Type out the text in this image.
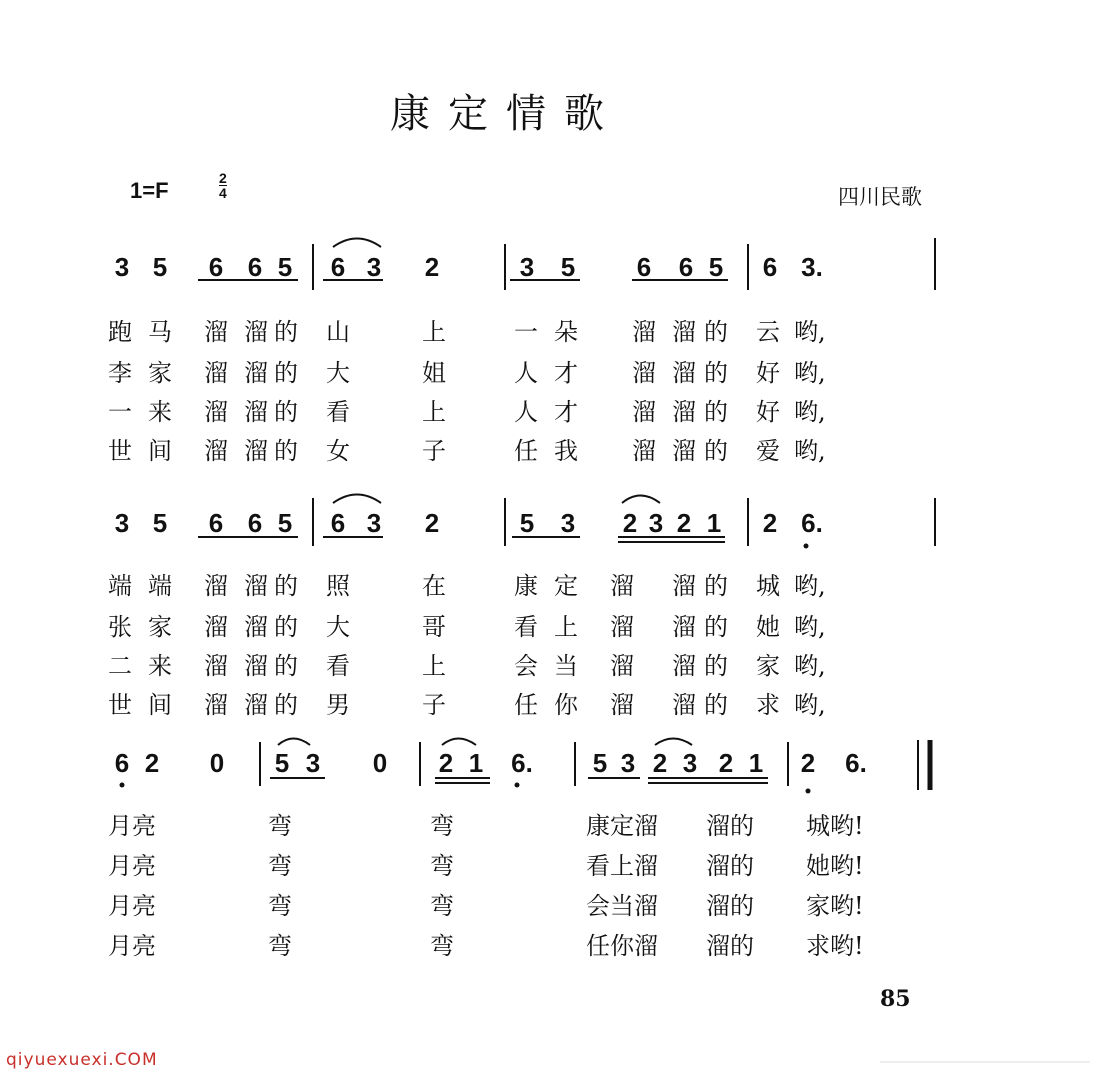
康定情歌
1=F	2
4	四川民歌
3 5 6 6 5 6 3 2	3 5 6 6 5 6 3.
跑 马 溜 溜 的 山	上	一 朵 溜 溜 的 云 哟,
李 家 溜 溜 的 大	姐	人 才 溜 溜 的 好 哟,
一 来 溜 溜 的 看	上	人 才 溜 溜 的 好 哟,
世 间 溜 溜 的 女	子	任 我 溜 溜 的 爱 哟,
3 5 6 6 5 6 3 2	5 3 2 3 2 1 2 6.
端 端 溜 溜 的 照	在	康 定 溜 溜 的 城 哟,
张 家 溜 溜 的 大	哥	看 上 溜 溜 的 她 哟,
二 来 溜 溜 的 看	上	会 当 溜 溜 的 家 哟,
世 间 溜 溜 的 男	子	任 你 溜 溜 的 求 哟,
6 2 0 5 3 0 2 1 6. 5 3 2 3 2 1 2 6.
月亮	弯	弯	康定溜 溜的 城哟!
月亮	弯	弯	看上溜 溜的 她哟!
月亮	弯	弯	会当溜 溜的 家哟!
月亮	弯	弯	任你溜 溜的 求哟!
85
qiyuexuexi.COM
